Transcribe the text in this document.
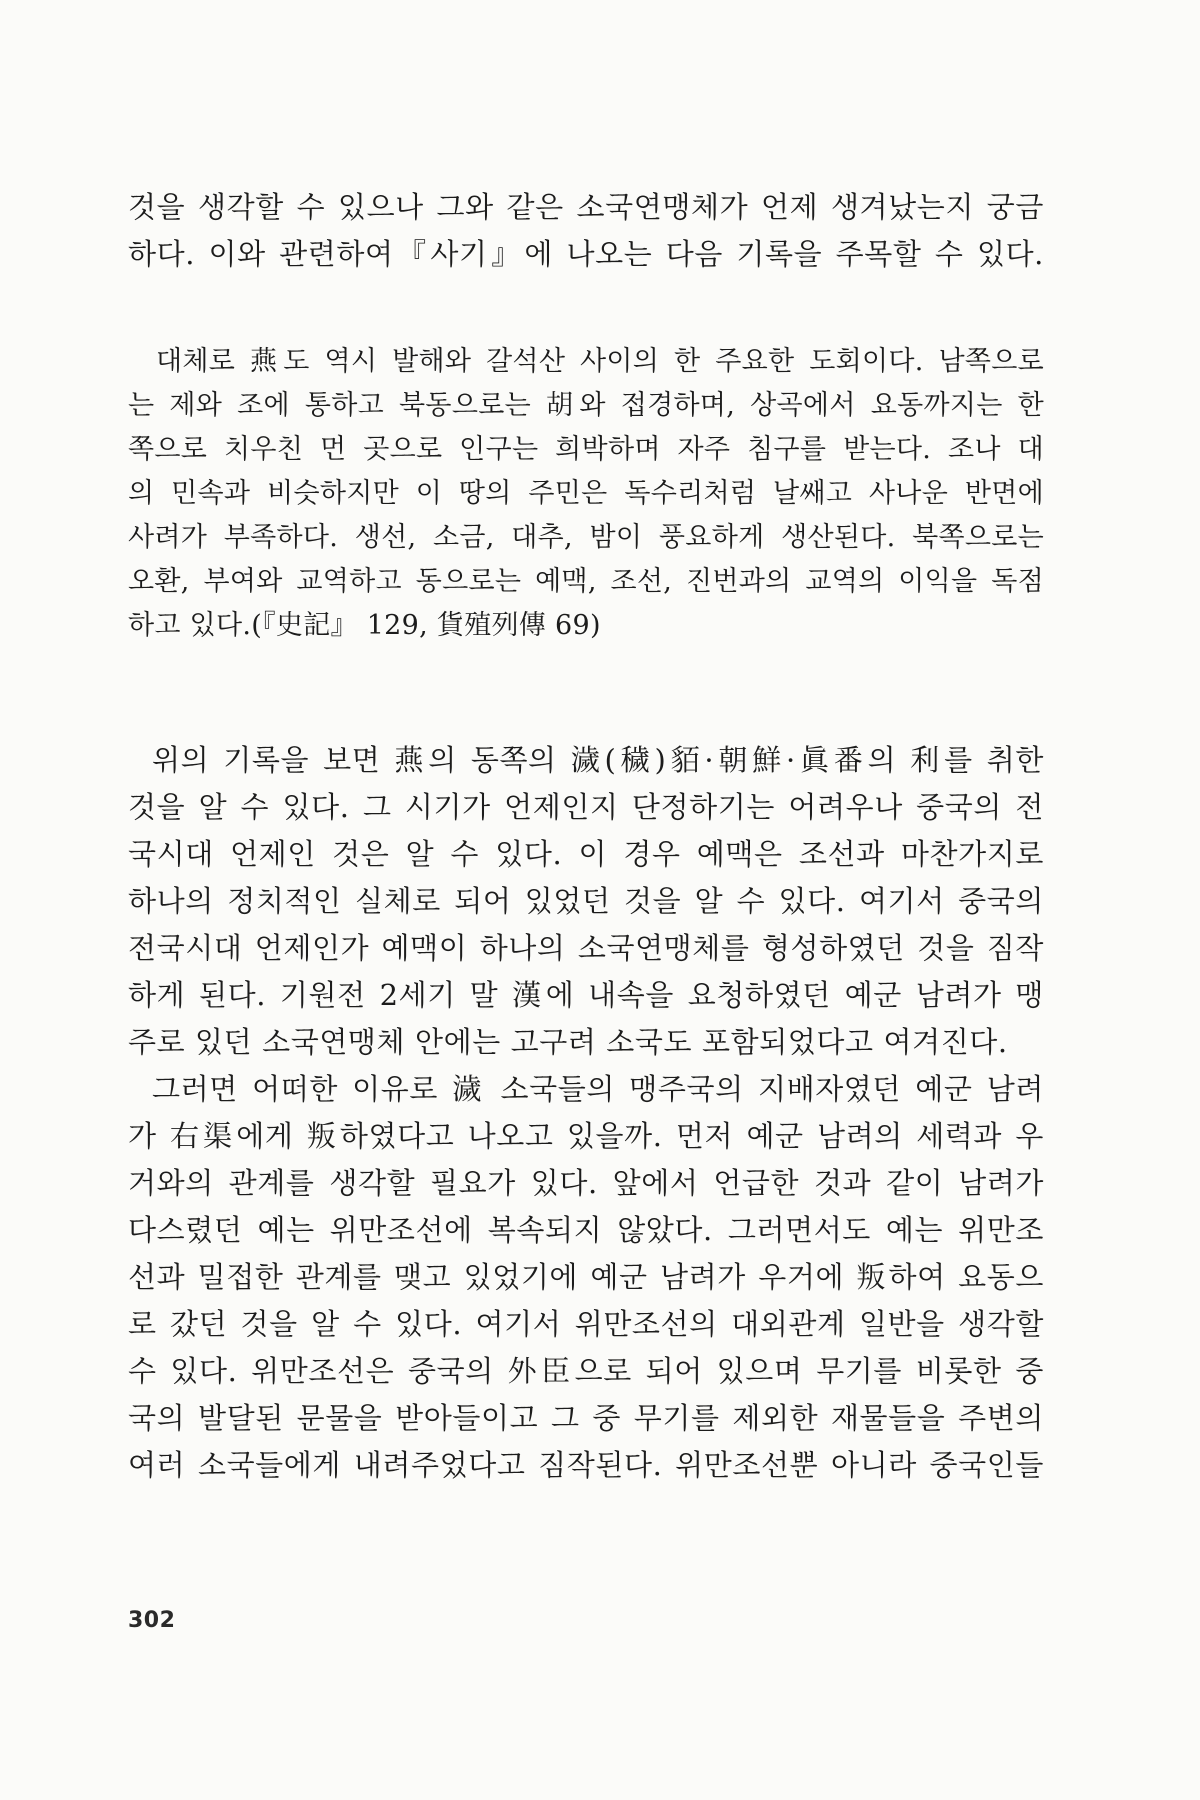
것을 생각할 수 있으나 그와 같은 소국연맹체가 언제 생겨났는지 궁금
하다. 이와 관련하여『사기』에 나오는 다음 기록을 주목할 수 있다.
대체로 燕도 역시 발해와 갈석산 사이의 한 주요한 도회이다. 남쪽으로
는 제와 조에 통하고 북동으로는 胡와 접경하며, 상곡에서 요동까지는 한
쪽으로 치우친 먼 곳으로 인구는 희박하며 자주 침구를 받는다. 조나 대
의 민속과 비슷하지만 이 땅의 주민은 독수리처럼 날쌔고 사나운 반면에
사려가 부족하다. 생선, 소금, 대추, 밤이 풍요하게 생산된다. 북쪽으로는
오환, 부여와 교역하고 동으로는 예맥, 조선, 진번과의 교역의 이익을 독점
하고 있다.(『史記』 129, 貨殖列傳 69)
위의 기록을 보면 燕의 동쪽의 濊(穢)貊·朝鮮·眞番의 利를 취한
것을 알 수 있다. 그 시기가 언제인지 단정하기는 어려우나 중국의 전
국시대 언제인 것은 알 수 있다. 이 경우 예맥은 조선과 마찬가지로
하나의 정치적인 실체로 되어 있었던 것을 알 수 있다. 여기서 중국의
전국시대 언제인가 예맥이 하나의 소국연맹체를 형성하였던 것을 짐작
하게 된다. 기원전 2세기 말 漢에 내속을 요청하였던 예군 남려가 맹
주로 있던 소국연맹체 안에는 고구려 소국도 포함되었다고 여겨진다.
그러면 어떠한 이유로 濊 소국들의 맹주국의 지배자였던 예군 남려
가 右渠에게 叛하였다고 나오고 있을까. 먼저 예군 남려의 세력과 우
거와의 관계를 생각할 필요가 있다. 앞에서 언급한 것과 같이 남려가
다스렸던 예는 위만조선에 복속되지 않았다. 그러면서도 예는 위만조
선과 밀접한 관계를 맺고 있었기에 예군 남려가 우거에 叛하여 요동으
로 갔던 것을 알 수 있다. 여기서 위만조선의 대외관계 일반을 생각할
수 있다. 위만조선은 중국의 外臣으로 되어 있으며 무기를 비롯한 중
국의 발달된 문물을 받아들이고 그 중 무기를 제외한 재물들을 주변의
여러 소국들에게 내려주었다고 짐작된다. 위만조선뿐 아니라 중국인들
302
